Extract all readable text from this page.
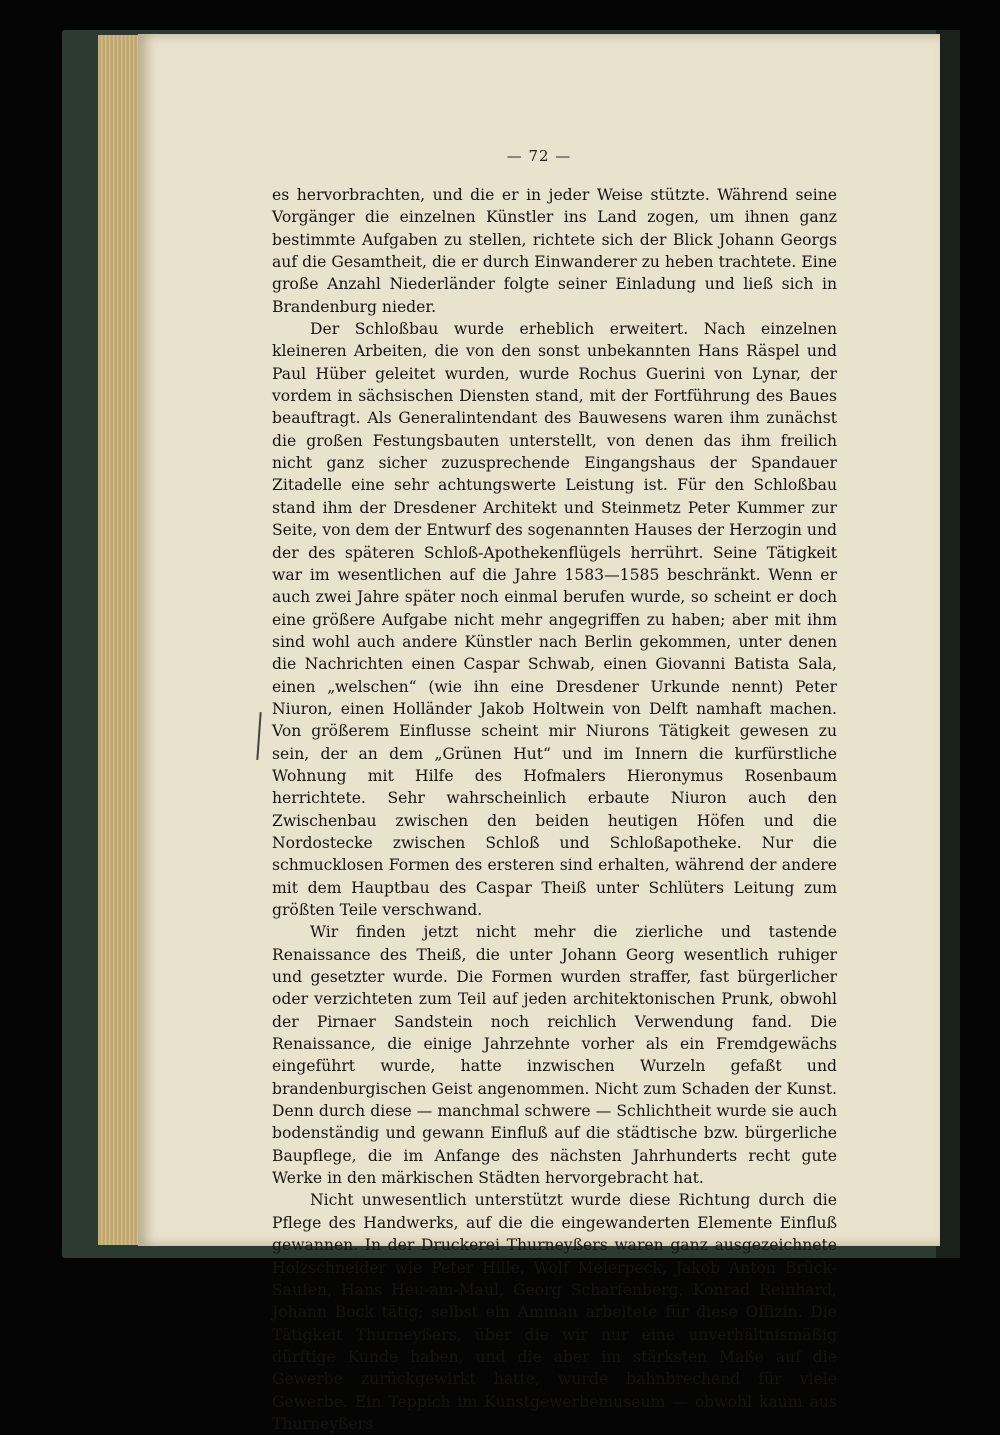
— 72 —

es hervorbrachten, und die er in jeder Weise stützte. Während seine Vorgänger die einzelnen Künstler ins Land zogen, um ihnen ganz bestimmte Aufgaben zu stellen, richtete sich der Blick Johann Georgs auf die Gesamtheit, die er durch Einwanderer zu heben trachtete. Eine große Anzahl Niederländer folgte seiner Einladung und ließ sich in Brandenburg nieder.

Der Schloßbau wurde erheblich erweitert. Nach einzelnen kleineren Arbeiten, die von den sonst unbekannten Hans Räspel und Paul Hüber geleitet wurden, wurde Rochus Guerini von Lynar, der vordem in sächsischen Diensten stand, mit der Fortführung des Baues beauftragt. Als Generalintendant des Bauwesens waren ihm zunächst die großen Festungsbauten unterstellt, von denen das ihm freilich nicht ganz sicher zuzusprechende Eingangshaus der Spandauer Zitadelle eine sehr achtungswerte Leistung ist. Für den Schloßbau stand ihm der Dresdener Architekt und Steinmetz Peter Kummer zur Seite, von dem der Entwurf des sogenannten Hauses der Herzogin und der des späteren Schloß-Apothekenflügels herrührt. Seine Tätigkeit war im wesentlichen auf die Jahre 1583—1585 beschränkt. Wenn er auch zwei Jahre später noch einmal berufen wurde, so scheint er doch eine größere Aufgabe nicht mehr angegriffen zu haben; aber mit ihm sind wohl auch andere Künstler nach Berlin gekommen, unter denen die Nachrichten einen Caspar Schwab, einen Giovanni Batista Sala, einen „welschen“ (wie ihn eine Dresdener Urkunde nennt) Peter Niuron, einen Holländer Jakob Holtwein von Delft namhaft machen. Von größerem Einflusse scheint mir Niurons Tätigkeit gewesen zu sein, der an dem „Grünen Hut“ und im Innern die kurfürstliche Wohnung mit Hilfe des Hofmalers Hieronymus Rosenbaum herrichtete. Sehr wahrscheinlich erbaute Niuron auch den Zwischenbau zwischen den beiden heutigen Höfen und die Nordostecke zwischen Schloß und Schloßapotheke. Nur die schmucklosen Formen des ersteren sind erhalten, während der andere mit dem Hauptbau des Caspar Theiß unter Schlüters Leitung zum größten Teile verschwand.

Wir finden jetzt nicht mehr die zierliche und tastende Renaissance des Theiß, die unter Johann Georg wesentlich ruhiger und gesetzter wurde. Die Formen wurden straffer, fast bürgerlicher oder verzichteten zum Teil auf jeden architektonischen Prunk, obwohl der Pirnaer Sandstein noch reichlich Verwendung fand. Die Renaissance, die einige Jahrzehnte vorher als ein Fremdgewächs eingeführt wurde, hatte inzwischen Wurzeln gefaßt und brandenburgischen Geist angenommen. Nicht zum Schaden der Kunst. Denn durch diese — manchmal schwere — Schlichtheit wurde sie auch bodenständig und gewann Einfluß auf die städtische bzw. bürgerliche Baupflege, die im Anfange des nächsten Jahrhunderts recht gute Werke in den märkischen Städten hervorgebracht hat.

Nicht unwesentlich unterstützt wurde diese Richtung durch die Pflege des Handwerks, auf die die eingewanderten Elemente Einfluß gewannen. In der Druckerei Thurneyßers waren ganz ausgezeichnete Holzschneider wie Peter Hille, Wolf Meierpeck, Jakob Anton Brück-Saufen, Hans Heu-am-Maul, Georg Scharfenberg, Konrad Reinhard, Johann Bock tätig; selbst ein Amman arbeitete für diese Offizin. Die Tätigkeit Thurneyßers, über die wir nur eine unverhältnismäßig dürftige Kunde haben, und die aber im stärksten Maße auf die Gewerbe zurückgewirkt hatte, wurde bahnbrechend für viele Gewerbe. Ein Teppich im Kunstgewerbemuseum — obwohl kaum aus Thurneyßers
